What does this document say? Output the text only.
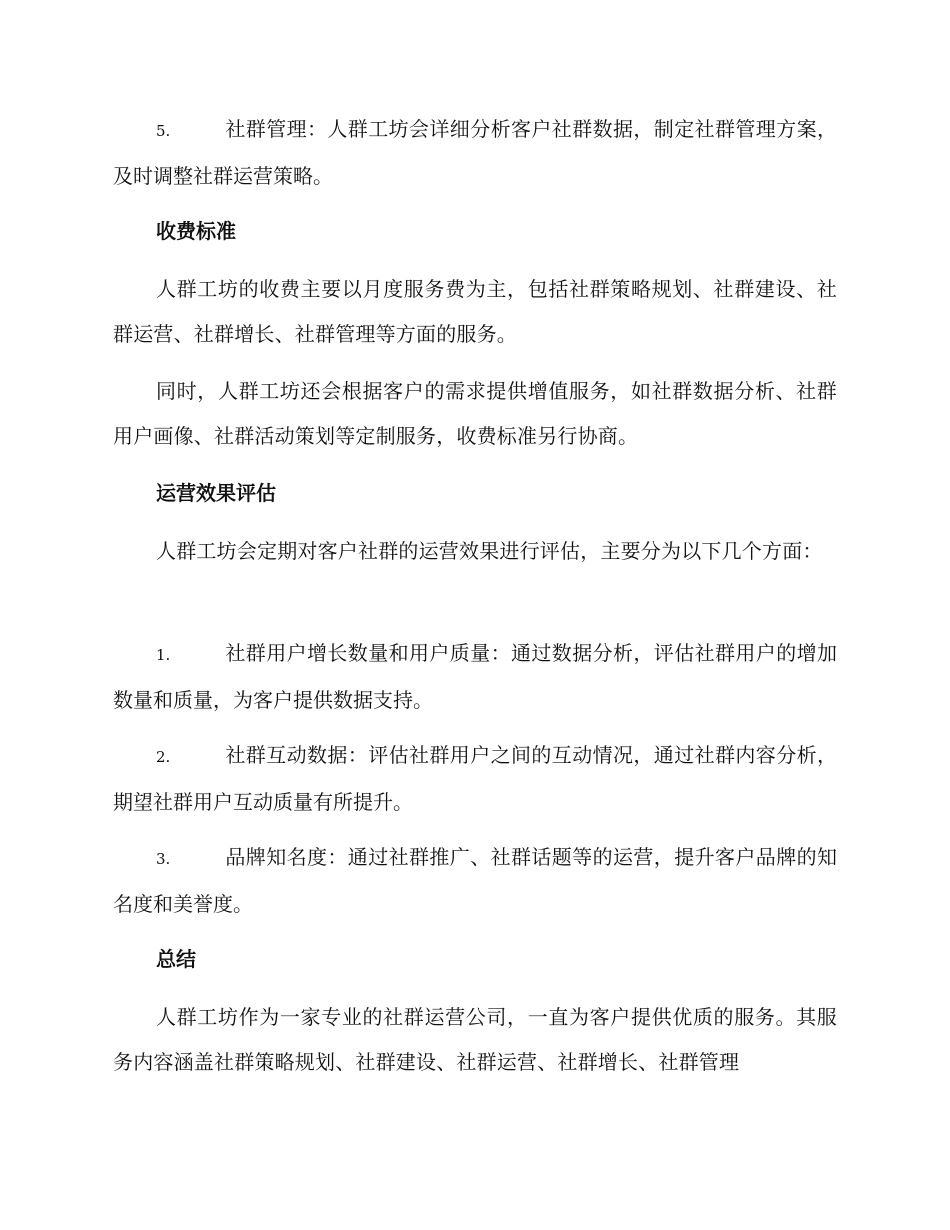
5.	社群管理：人群工坊会详细分析客户社群数据，制定社群管理方案，及时调整社群运营策略。
收费标准

人群工坊的收费主要以月度服务费为主，包括社群策略规划、社群建设、社群运营、社群增长、社群管理等方面的服务。

同时，人群工坊还会根据客户的需求提供增值服务，如社群数据分析、社群用户画像、社群活动策划等定制服务，收费标准另行协商。

运营效果评估

人群工坊会定期对客户社群的运营效果进行评估，主要分为以下几个方面：

1.	社群用户增长数量和用户质量：通过数据分析，评估社群用户的增加数量和质量，为客户提供数据支持。
2.	社群互动数据：评估社群用户之间的互动情况，通过社群内容分析，期望社群用户互动质量有所提升。
3.	品牌知名度：通过社群推广、社群话题等的运营，提升客户品牌的知名度和美誉度。
总结

人群工坊作为一家专业的社群运营公司，一直为客户提供优质的服务。其服务内容涵盖社群策略规划、社群建设、社群运营、社群增长、社群管理
